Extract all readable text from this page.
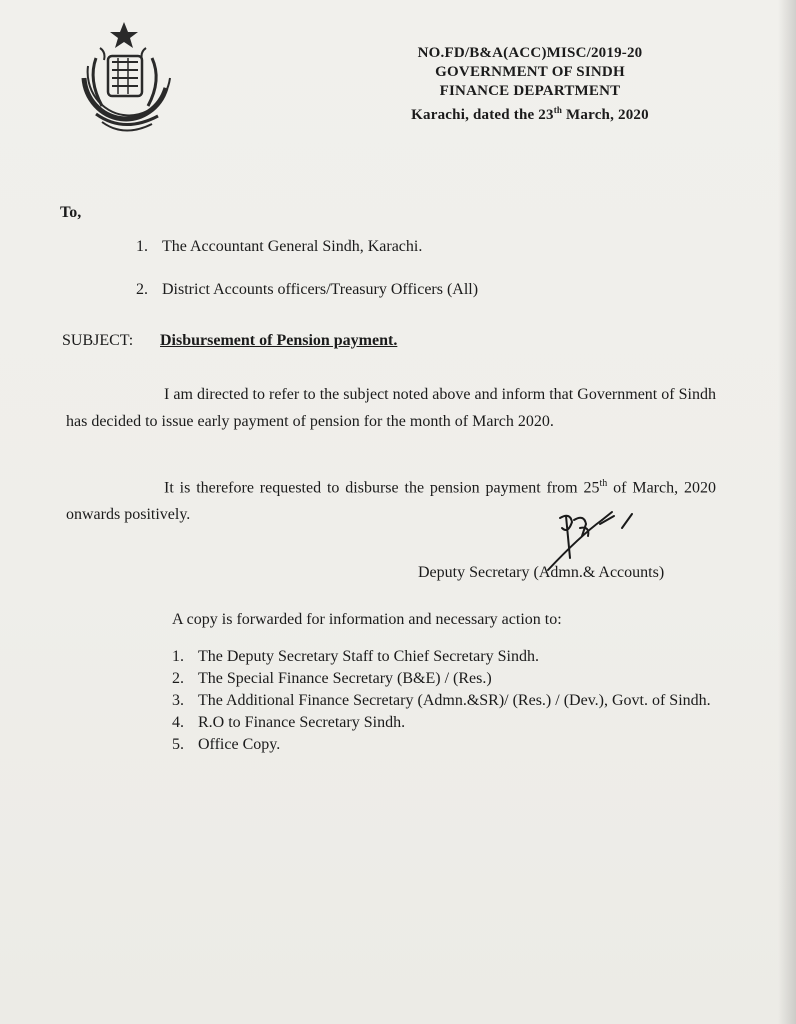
NO.FD/B&A(ACC)MISC/2019-20
GOVERNMENT OF SINDH
FINANCE DEPARTMENT
Karachi, dated the 23th March, 2020
To,
1. The Accountant General Sindh, Karachi.
2. District Accounts officers/Treasury Officers (All)
SUBJECT: Disbursement of Pension payment.
I am directed to refer to the subject noted above and inform that Government of Sindh has decided to issue early payment of pension for the month of March 2020.
It is therefore requested to disburse the pension payment from 25th of March, 2020 onwards positively.
Deputy Secretary (Admn.& Accounts)
A copy is forwarded for information and necessary action to:
1. The Deputy Secretary Staff to Chief Secretary Sindh.
2. The Special Finance Secretary (B&E) / (Res.)
3. The Additional Finance Secretary (Admn.&SR)/ (Res.) / (Dev.), Govt. of Sindh.
4. R.O to Finance Secretary Sindh.
5. Office Copy.
